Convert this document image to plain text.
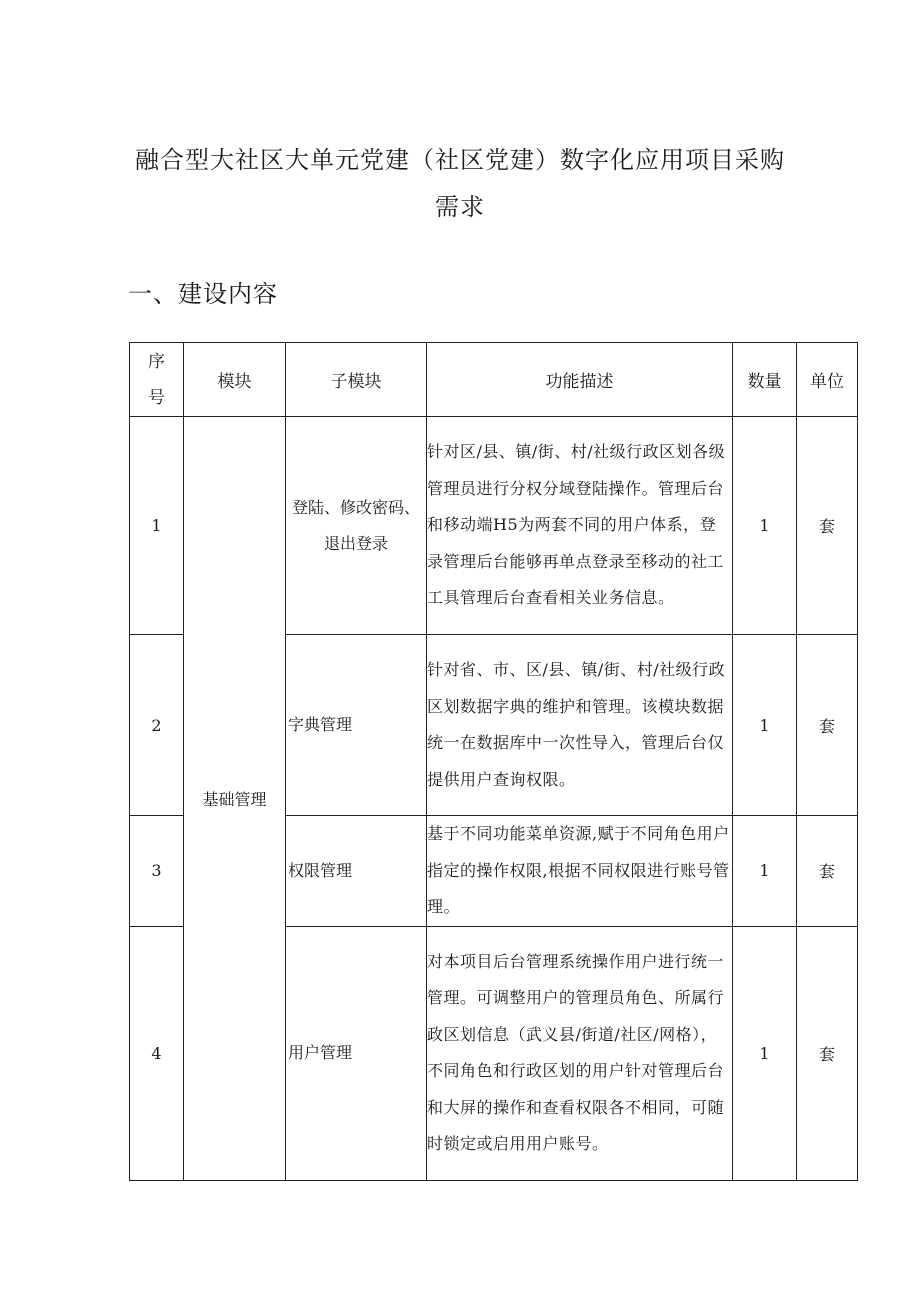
融合型大社区大单元党建（社区党建）数字化应用项目采购
需求
一、建设内容
序号	模块	子模块	功能描述	数量	单位
1	基础管理	登陆、修改密码、退出登录	针对区/县、镇/街、村/社级行政区划各级管理员进行分权分域登陆操作。管理后台和移动端H5为两套不同的用户体系，登录管理后台能够再单点登录至移动的社工工具管理后台查看相关业务信息。	1	套
2		字典管理	针对省、市、区/县、镇/街、村/社级行政区划数据字典的维护和管理。该模块数据统一在数据库中一次性导入，管理后台仅提供用户查询权限。	1	套
3		权限管理	基于不同功能菜单资源,赋于不同角色用户指定的操作权限,根据不同权限进行账号管理。	1	套
4		用户管理	对本项目后台管理系统操作用户进行统一管理。可调整用户的管理员角色、所属行政区划信息（武义县/街道/社区/网格），不同角色和行政区划的用户针对管理后台和大屏的操作和查看权限各不相同，可随时锁定或启用用户账号。	1	套
